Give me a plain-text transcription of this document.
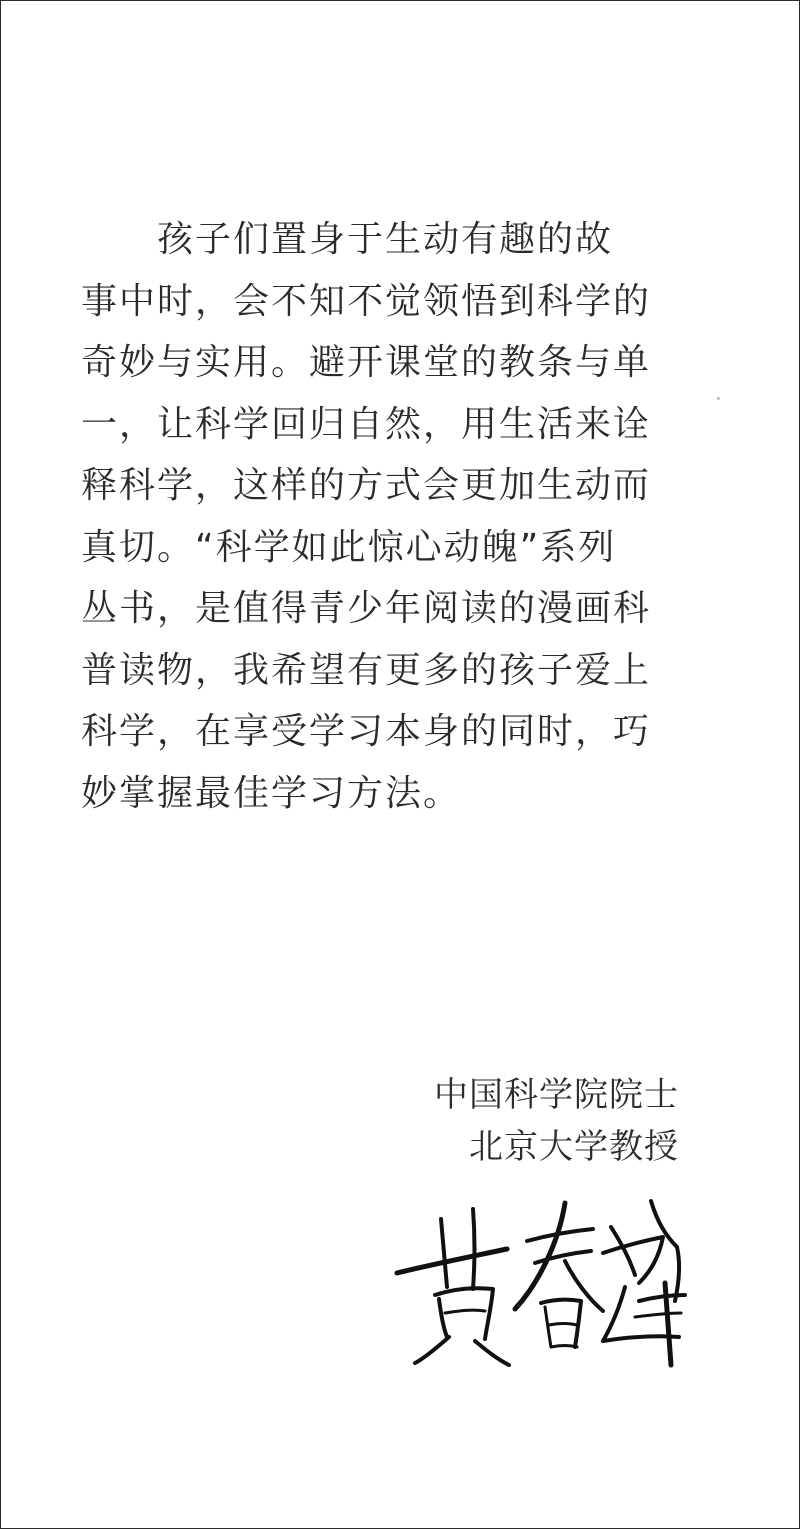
孩子们置身于生动有趣的故
事中时，会不知不觉领悟到科学的
奇妙与实用。避开课堂的教条与单
一，让科学回归自然，用生活来诠
释科学，这样的方式会更加生动而
真切。“科学如此惊心动魄”系列
丛书，是值得青少年阅读的漫画科
普读物，我希望有更多的孩子爱上
科学，在享受学习本身的同时，巧
妙掌握最佳学习方法。
中国科学院院士
北京大学教授
